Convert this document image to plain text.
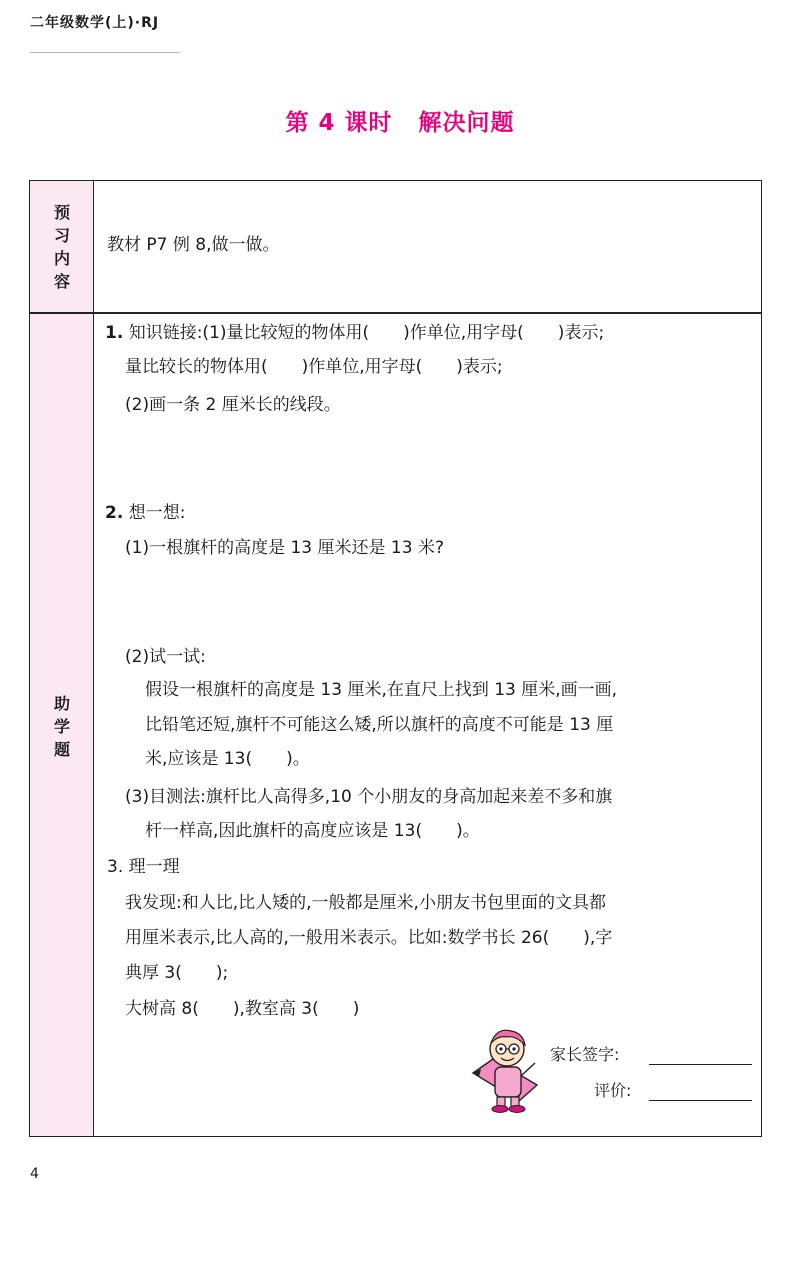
二年级数学(上)·RJ
第 4 课时 解决问题
预
习
内
容
助
学
题
教材 P7 例 8,做一做。
1. 知识链接:(1)量比较短的物体用(　　)作单位,用字母(　　)表示;
量比较长的物体用(　　)作单位,用字母(　　)表示;
(2)画一条 2 厘米长的线段。
2. 想一想:
(1)一根旗杆的高度是 13 厘米还是 13 米?
(2)试一试:
假设一根旗杆的高度是 13 厘米,在直尺上找到 13 厘米,画一画,
比铅笔还短,旗杆不可能这么矮,所以旗杆的高度不可能是 13 厘
米,应该是 13(　　)。
(3)目测法:旗杆比人高得多,10 个小朋友的身高加起来差不多和旗
杆一样高,因此旗杆的高度应该是 13(　　)。
3. 理一理
我发现:和人比,比人矮的,一般都是厘米,小朋友书包里面的文具都
用厘米表示,比人高的,一般用米表示。比如:数学书长 26(　　),字
典厚 3(　　);
大树高 8(　　),教室高 3(　　)
家长签字:
评价:
4
